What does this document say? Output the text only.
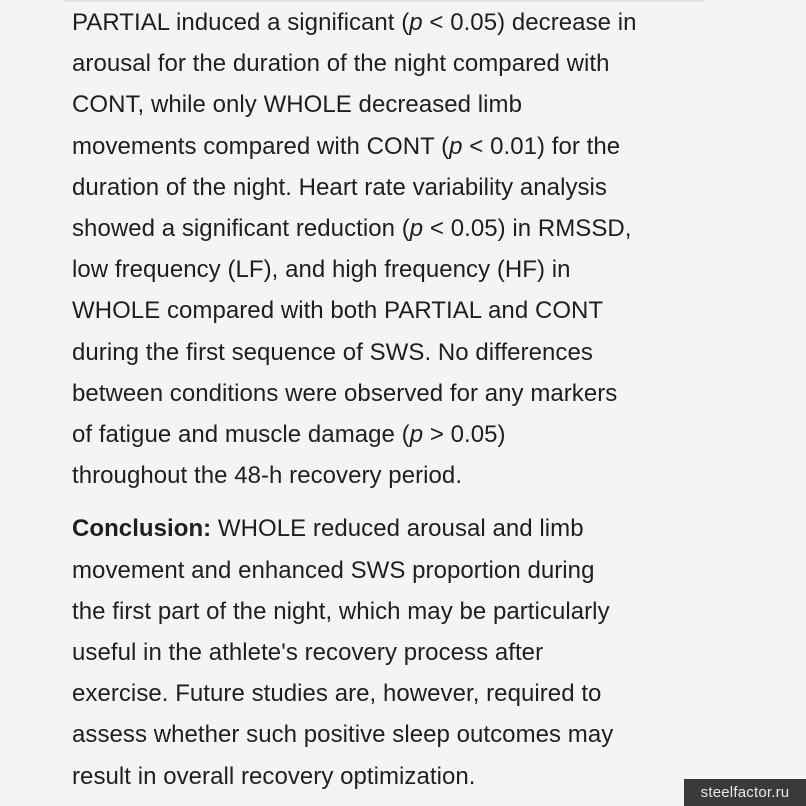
PARTIAL induced a significant (p < 0.05) decrease in
arousal for the duration of the night compared with
CONT, while only WHOLE decreased limb
movements compared with CONT (p < 0.01) for the
duration of the night. Heart rate variability analysis
showed a significant reduction (p < 0.05) in RMSSD,
low frequency (LF), and high frequency (HF) in
WHOLE compared with both PARTIAL and CONT
during the first sequence of SWS. No differences
between conditions were observed for any markers
of fatigue and muscle damage (p > 0.05)
throughout the 48-h recovery period.

Conclusion: WHOLE reduced arousal and limb
movement and enhanced SWS proportion during
the first part of the night, which may be particularly
useful in the athlete's recovery process after
exercise. Future studies are, however, required to
assess whether such positive sleep outcomes may
result in overall recovery optimization.

steelfactor.ru
